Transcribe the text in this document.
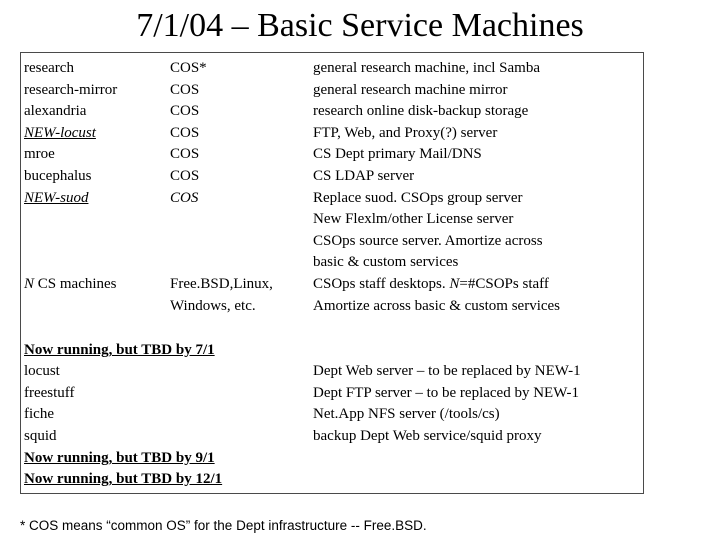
7/1/04 – Basic Service Machines
research
research-mirror
alexandria
NEW-locust
mroe
bucephalus
NEW-suod
COS*
COS
COS
COS
COS
COS
COS
general research machine, incl Samba
general research machine mirror
research online disk-backup storage
FTP, Web, and Proxy(?) server
CS Dept primary Mail/DNS
CS LDAP server
Replace suod. CSOps group server
New Flexlm/other License server
CSOps source server. Amortize across
basic & custom services
N CS machines	Free.BSD,Linux,
Windows, etc.
CSOps staff desktops. N=#CSOPs staff
Amortize across basic & custom services
Now running, but TBD by 7/1
locust
freestuff
fiche
squid
Now running, but TBD by 9/1
Now running, but TBD by 12/1
Dept Web server – to be replaced by NEW-1
Dept FTP server – to be replaced by NEW-1
Net.App NFS server (/tools/cs)
backup Dept Web service/squid proxy
* COS means “common OS” for the Dept infrastructure -- Free.BSD.
